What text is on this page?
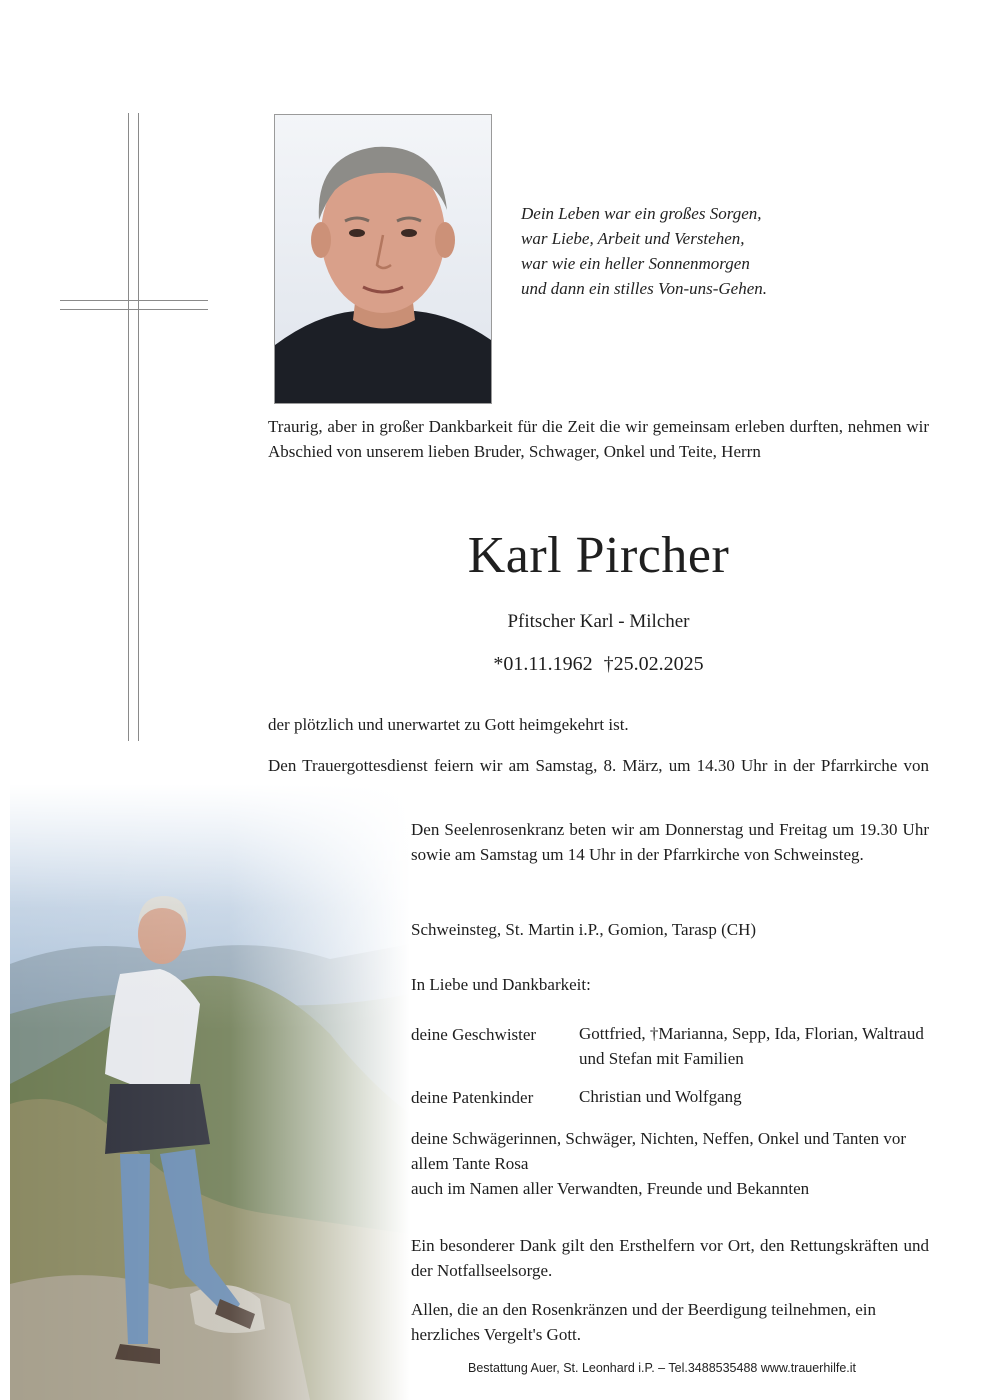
Dein Leben war ein großes Sorgen,
war Liebe, Arbeit und Verstehen,
war wie ein heller Sonnenmorgen
und dann ein stilles Von-uns-Gehen.
Traurig, aber in großer Dankbarkeit für die Zeit die wir gemeinsam erleben durften, nehmen wir Abschied von unserem lieben Bruder, Schwager, Onkel und Teite, Herrn
Karl Pircher
Pfitscher Karl - Milcher
*01.11.1962 †25.02.2025
der plötzlich und unerwartet zu Gott heimgekehrt ist.
Den Trauergottesdienst feiern wir am Samstag, 8. März, um 14.30 Uhr in der Pfarrkirche von
Den Seelenrosenkranz beten wir am Donnerstag und Freitag um 19.30 Uhr sowie am Samstag um 14 Uhr in der Pfarrkirche von Schweinsteg.
Schweinsteg, St. Martin i.P., Gomion, Tarasp (CH)
In Liebe und Dankbarkeit:
deine Geschwister	Gottfried, †Marianna, Sepp, Ida, Florian, Waltraud und Stefan mit Familien
deine Patenkinder	Christian und Wolfgang
deine Schwägerinnen, Schwäger, Nichten, Neffen, Onkel und Tanten vor allem Tante Rosa
auch im Namen aller Verwandten, Freunde und Bekannten
Ein besonderer Dank gilt den Ersthelfern vor Ort, den Rettungskräften und der Notfallseelsorge.
Allen, die an den Rosenkränzen und der Beerdigung teilnehmen, ein herzliches Vergelt's Gott.
Bestattung Auer, St. Leonhard i.P. – Tel.3488535488 www.trauerhilfe.it
